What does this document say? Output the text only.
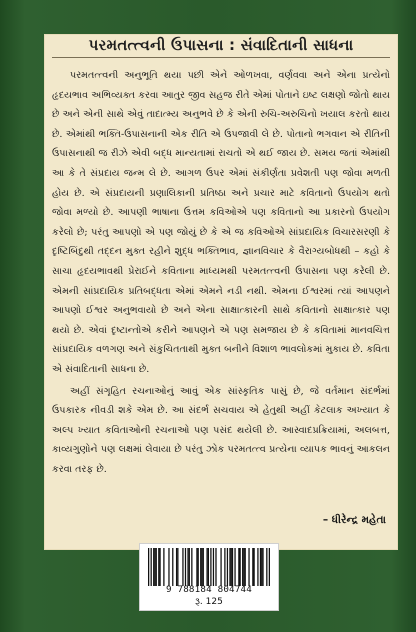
પરમતત્ત્વની ઉપાસના : સંવાદિતાની સાધના

પરમતત્ત્વની અનુભૂતિ થયા પછી એને ઓળખવા, વર્ણવવા અને એના પ્રત્યેનો હૃદયભાવ અભિવ્યક્ત કરવા આતુર જીવ સહજ રીતે એમાં પોતાને ઇષ્ટ લક્ષણો જોતો થાય છે અને એની સાથે એવું તાદાત્મ્ય અનુભવે છે કે એની રુચિ-અરુચિનો ખયાલ કરતો થાય છે. એમાંથી ભક્તિ-ઉપાસનાની એક રીતિ એ ઉપજાવી લે છે. પોતાનો ભગવાન એ રીતિની ઉપાસનાથી જ રીઝે એવી બદ્ધ માન્યતામાં રાચતો એ થઈ જાય છે. સમય જતાં એમાંથી આ કે તે સંપ્રદાય જન્મ લે છે. આગળ ઉપર એમાં સંકીર્ણતા પ્રવેશતી પણ જોવા મળતી હોય છે. એ સંપ્રદાયની પ્રણાલિકાની પ્રતિષ્ઠા અને પ્રચાર માટે કવિતાનો ઉપયોગ થતો જોવા મળ્યો છે. આપણી ભાષાના ઉત્તમ કવિઓએ પણ કવિતાનો આ પ્રકારનો ઉપયોગ કરેલો છે; પરંતુ આપણો એ પણ જોયું છે કે એ જ કવિઓએ સાંપ્રદાયિક વિચારસરણી કે દૃષ્ટિબિંદુથી તદ્દન મુક્ત રહીને શુદ્ધ ભક્તિભાવ, જ્ઞાનવિચાર કે વૈરાગ્યબોધથી – કહો કે સાચા હૃદયભાવથી પ્રેરાઈને કવિતાના માધ્યમથી પરમતત્ત્વની ઉપાસના પણ કરેલી છે. એમની સાંપ્રદાયિક પ્રતિબદ્ધતા એમાં એમને નડી નથી. એમના ઈશ્વરમાં ત્યાં આપણને આપણો ઈશ્વર અનુભવાયો છે અને એના સાક્ષાત્કારની સાથે કવિતાનો સાક્ષાત્કાર પણ થયો છે. એવાં દૃષ્ટાન્તોએ કરીને આપણને એ પણ સમજાય છે કે કવિતામાં માનવચિત્ત સાંપ્રદાયિક વળગણ અને સંકુચિતતાથી મુક્ત બનીને વિશાળ ભાવલોકમાં મુકાય છે. કવિતા એ સંવાદિતાની સાધના છે.

અહીં સંગૃહિત રચનાઓનું આવું એક સાંસ્કૃતિક પાસું છે, જે વર્તમાન સંદર્ભમાં ઉપકારક નીવડી શકે એમ છે. આ સંદર્ભ સચવાય એ હેતુથી અહીં કેટલાક અખ્યાત કે અલ્પ ખ્યાત કવિતાઓની રચનાઓ પણ પસંદ થયેલી છે. આસ્વાદપ્રક્રિયામાં, અલબત્ત, કાવ્યગુણોને પણ લક્ષમાં લેવાયા છે પરંતુ ઝોક પરમતત્ત્વ પ્રત્યેના વ્યાપક ભાવનું આકલન કરવા તરફ છે.

– ધીરેન્દ્ર મહેતા
9 788184 804744
રૂ. 125
